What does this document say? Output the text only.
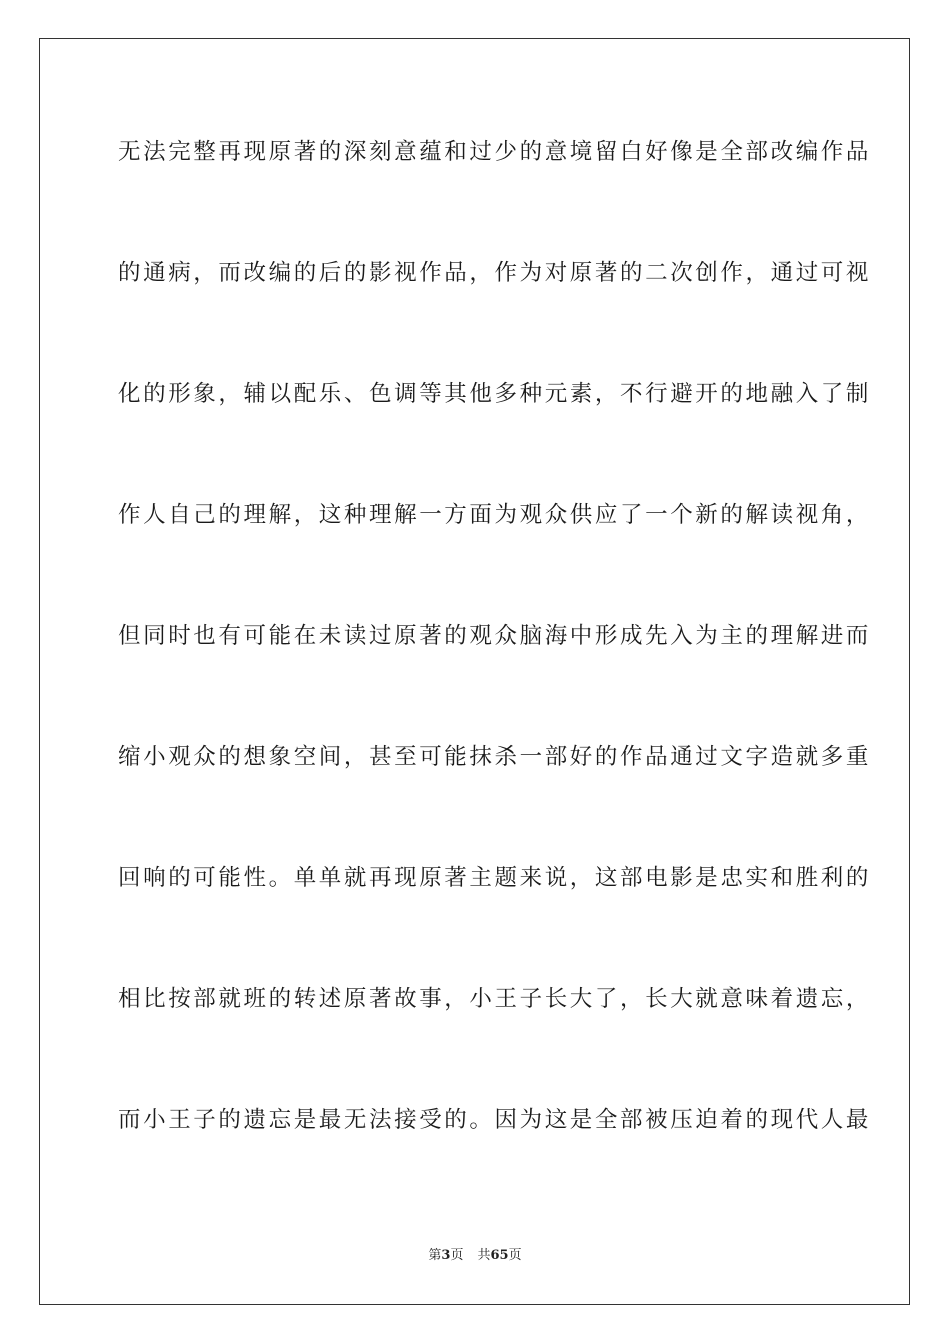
无法完整再现原著的深刻意蕴和过少的意境留白好像是全部改编作品
的通病，而改编的后的影视作品，作为对原著的二次创作，通过可视
化的形象，辅以配乐、色调等其他多种元素，不行避开的地融入了制
作人自己的理解，这种理解一方面为观众供应了一个新的解读视角，
但同时也有可能在未读过原著的观众脑海中形成先入为主的理解进而
缩小观众的想象空间，甚至可能抹杀一部好的作品通过文字造就多重
回响的可能性。单单就再现原著主题来说，这部电影是忠实和胜利的
相比按部就班的转述原著故事，小王子长大了，长大就意味着遗忘，
而小王子的遗忘是最无法接受的。因为这是全部被压迫着的现代人最
第3页 共65页
